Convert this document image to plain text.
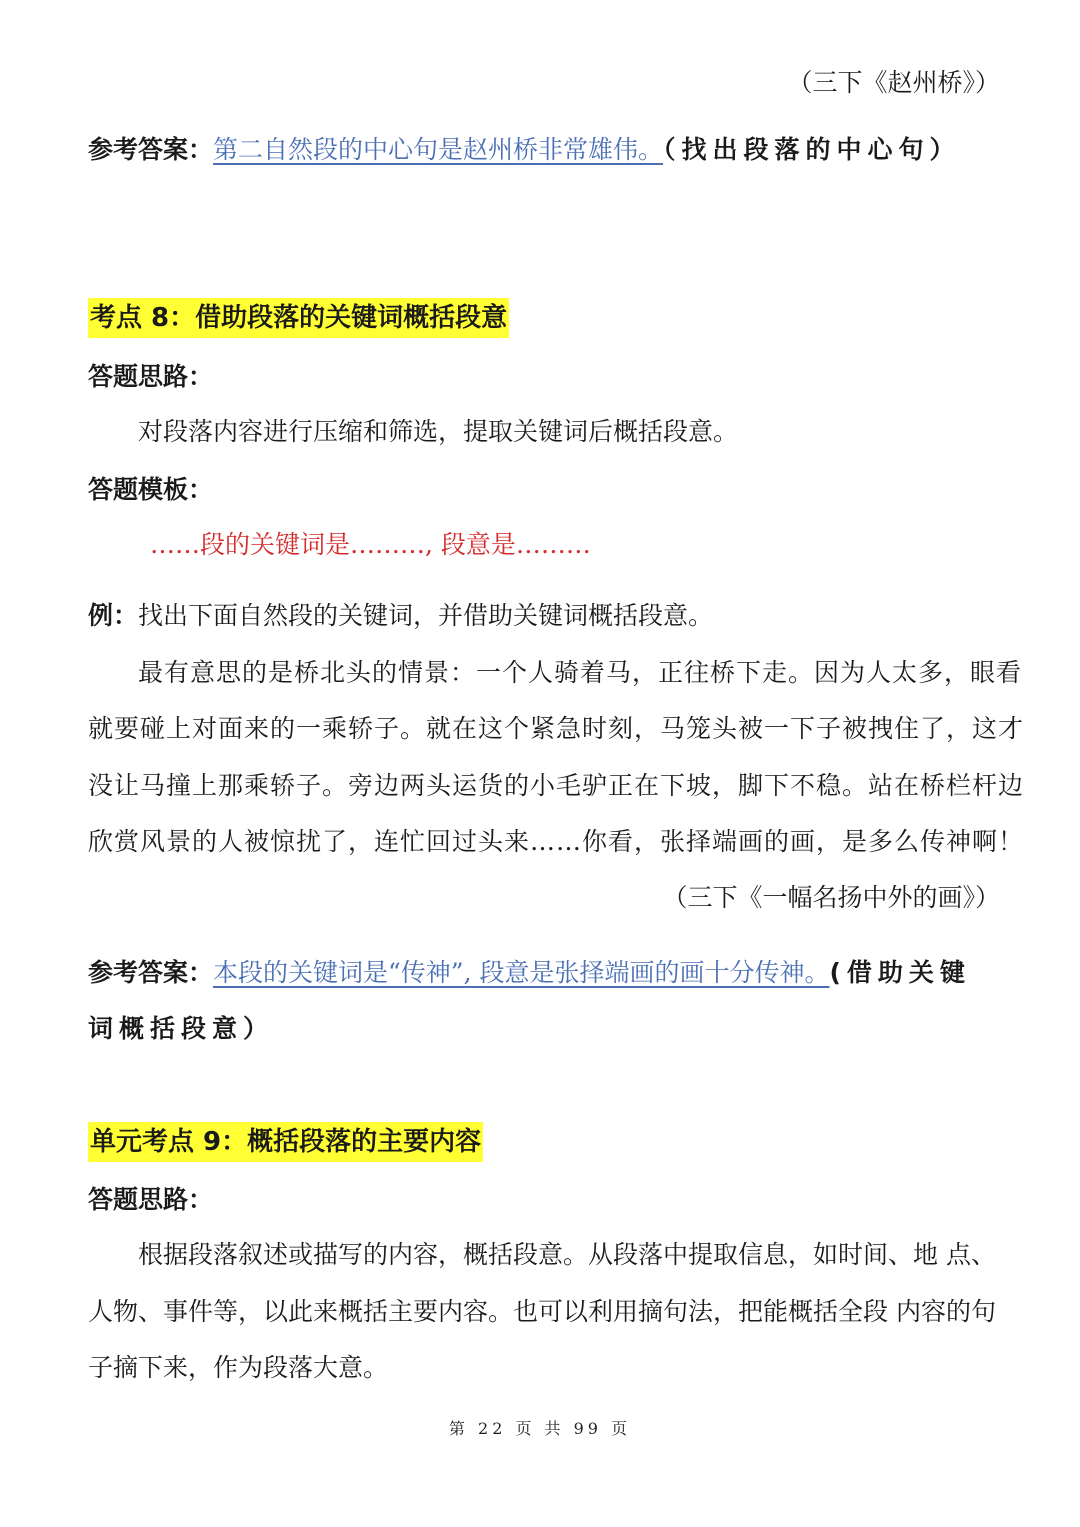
（三下《赵州桥》）
参考答案：第二自然段的中心句是赵州桥非常雄伟。（找出段落的中心句）
考点 8：借助段落的关键词概括段意
答题思路：
对段落内容进行压缩和筛选，提取关键词后概括段意。
答题模板：
……段的关键词是………, 段意是………
例：找出下面自然段的关键词，并借助关键词概括段意。
最有意思的是桥北头的情景：一个人骑着马，正往桥下走。因为人太多，眼看
就要碰上对面来的一乘轿子。就在这个紧急时刻，马笼头被一下子被拽住了，这才
没让马撞上那乘轿子。旁边两头运货的小毛驴正在下坡，脚下不稳。站在桥栏杆边
欣赏风景的人被惊扰了，连忙回过头来……你看，张择端画的画，是多么传神啊！
（三下《一幅名扬中外的画》）
参考答案：本段的关键词是“传神”, 段意是张择端画的画十分传神。(借助关键
词概括段意）
单元考点 9：概括段落的主要内容
答题思路：
根据段落叙述或描写的内容，概括段意。从段落中提取信息，如时间、地 点、
人物、事件等，以此来概括主要内容。也可以利用摘句法，把能概括全段 内容的句
子摘下来，作为段落大意。
第 22 页 共 99 页
